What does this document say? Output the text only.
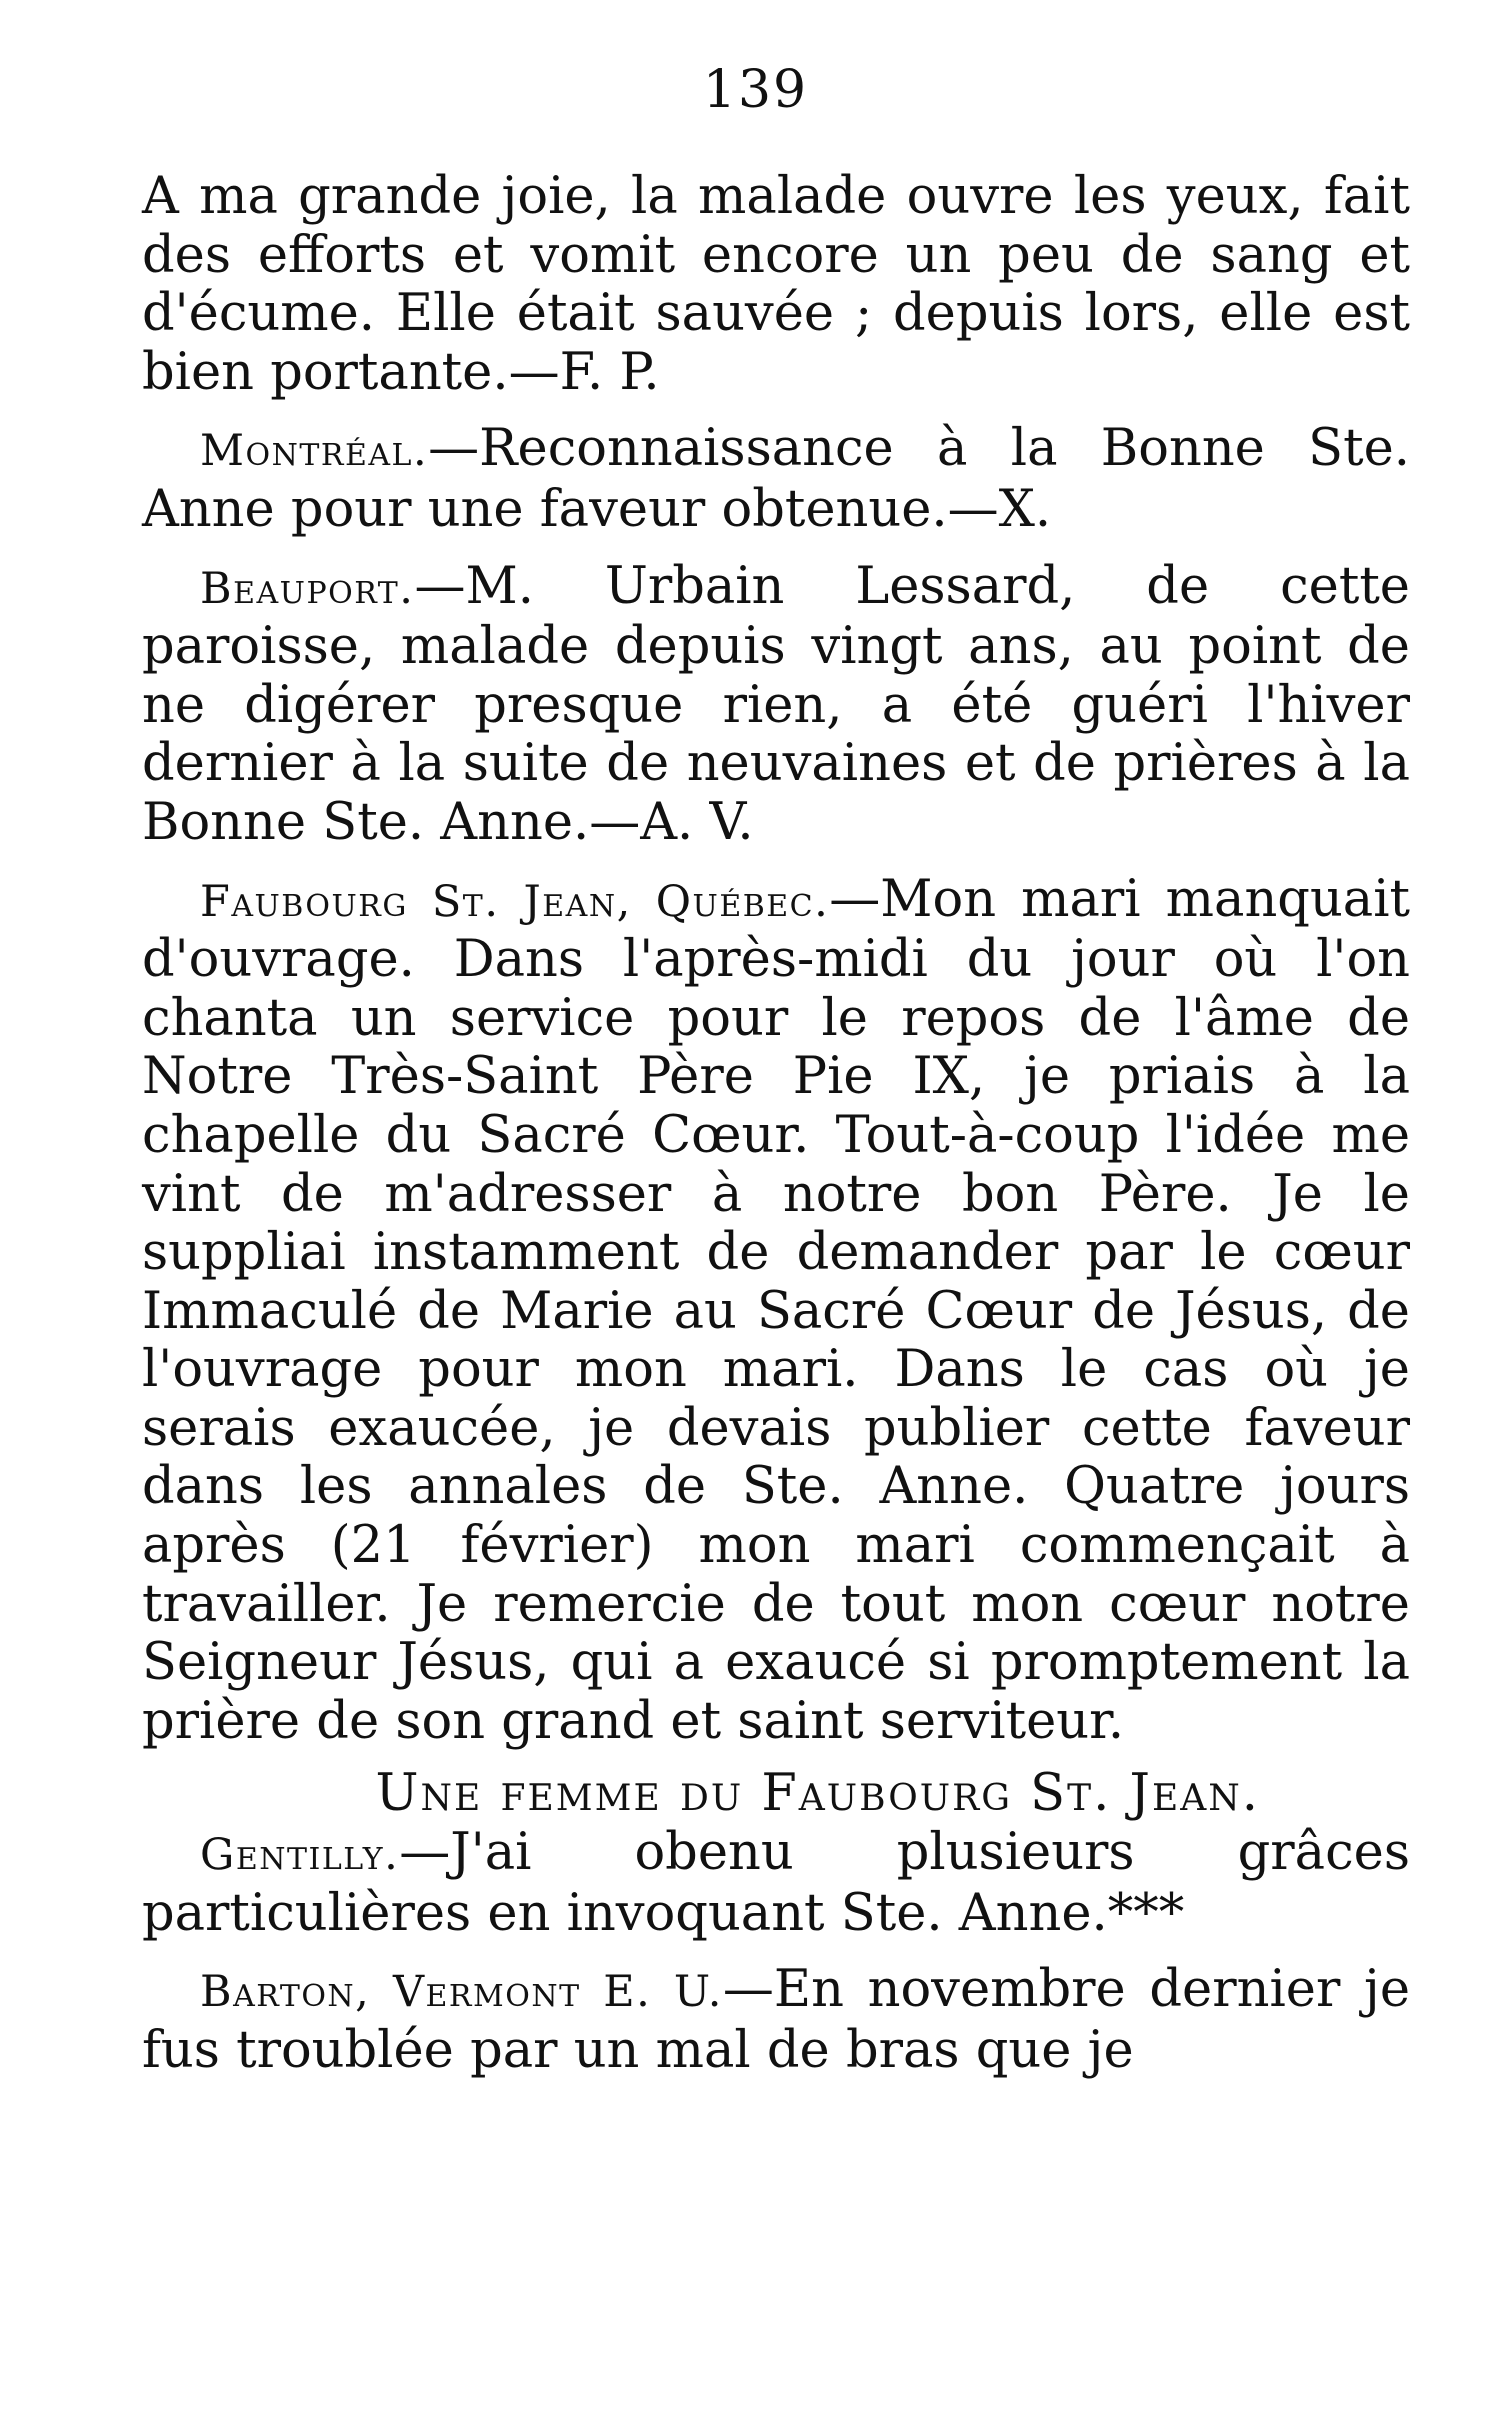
139

A ma grande joie, la malade ouvre les yeux, fait des efforts et vomit encore un peu de sang et d'écume. Elle était sauvée ; depuis lors, elle est bien portante.—F. P.

Montréal.—Reconnaissance à la Bonne Ste. Anne pour une faveur obtenue.—X.

Beauport.—M. Urbain Lessard, de cette paroisse, malade depuis vingt ans, au point de ne digérer presque rien, a été guéri l'hiver dernier à la suite de neuvaines et de prières à la Bonne Ste. Anne.—A. V.

Faubourg St. Jean, Québec.—Mon mari manquait d'ouvrage. Dans l'après-midi du jour où l'on chanta un service pour le repos de l'âme de Notre Très-Saint Père Pie IX, je priais à la chapelle du Sacré Cœur. Tout-à-coup l'idée me vint de m'adresser à notre bon Père. Je le suppliai instamment de demander par le cœur Immaculé de Marie au Sacré Cœur de Jésus, de l'ouvrage pour mon mari. Dans le cas où je serais exaucée, je devais publier cette faveur dans les annales de Ste. Anne. Quatre jours après (21 février) mon mari commençait à travailler. Je remercie de tout mon cœur notre Seigneur Jésus, qui a exaucé si promptement la prière de son grand et saint serviteur.

Une femme du Faubourg St. Jean.

Gentilly.—J'ai obenu plusieurs grâces particulières en invoquant Ste. Anne.***

Barton, Vermont E. U.—En novembre dernier je fus troublée par un mal de bras que je
